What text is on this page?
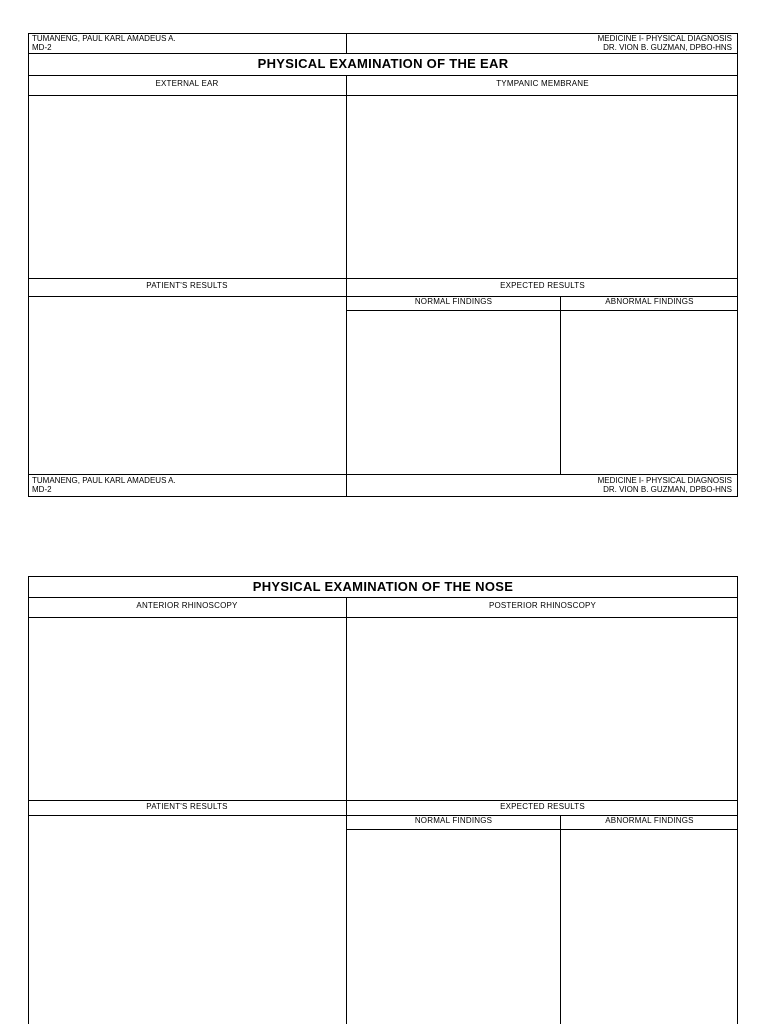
TUMANENG, PAUL KARL AMADEUS A.
MD-2
MEDICINE I- PHYSICAL DIAGNOSIS
DR. VION B. GUZMAN, DPBO-HNS
PHYSICAL EXAMINATION OF THE EAR
EXTERNAL EAR	TYMPANIC MEMBRANE
PATIENT'S RESULTS	EXPECTED RESULTS
NORMAL FINDINGS	ABNORMAL FINDINGS
TUMANENG, PAUL KARL AMADEUS A.
MD-2
MEDICINE I- PHYSICAL DIAGNOSIS
DR. VION B. GUZMAN, DPBO-HNS
PHYSICAL EXAMINATION OF THE NOSE
ANTERIOR RHINOSCOPY	POSTERIOR RHINOSCOPY
PATIENT'S RESULTS	EXPECTED RESULTS
NORMAL FINDINGS	ABNORMAL FINDINGS
